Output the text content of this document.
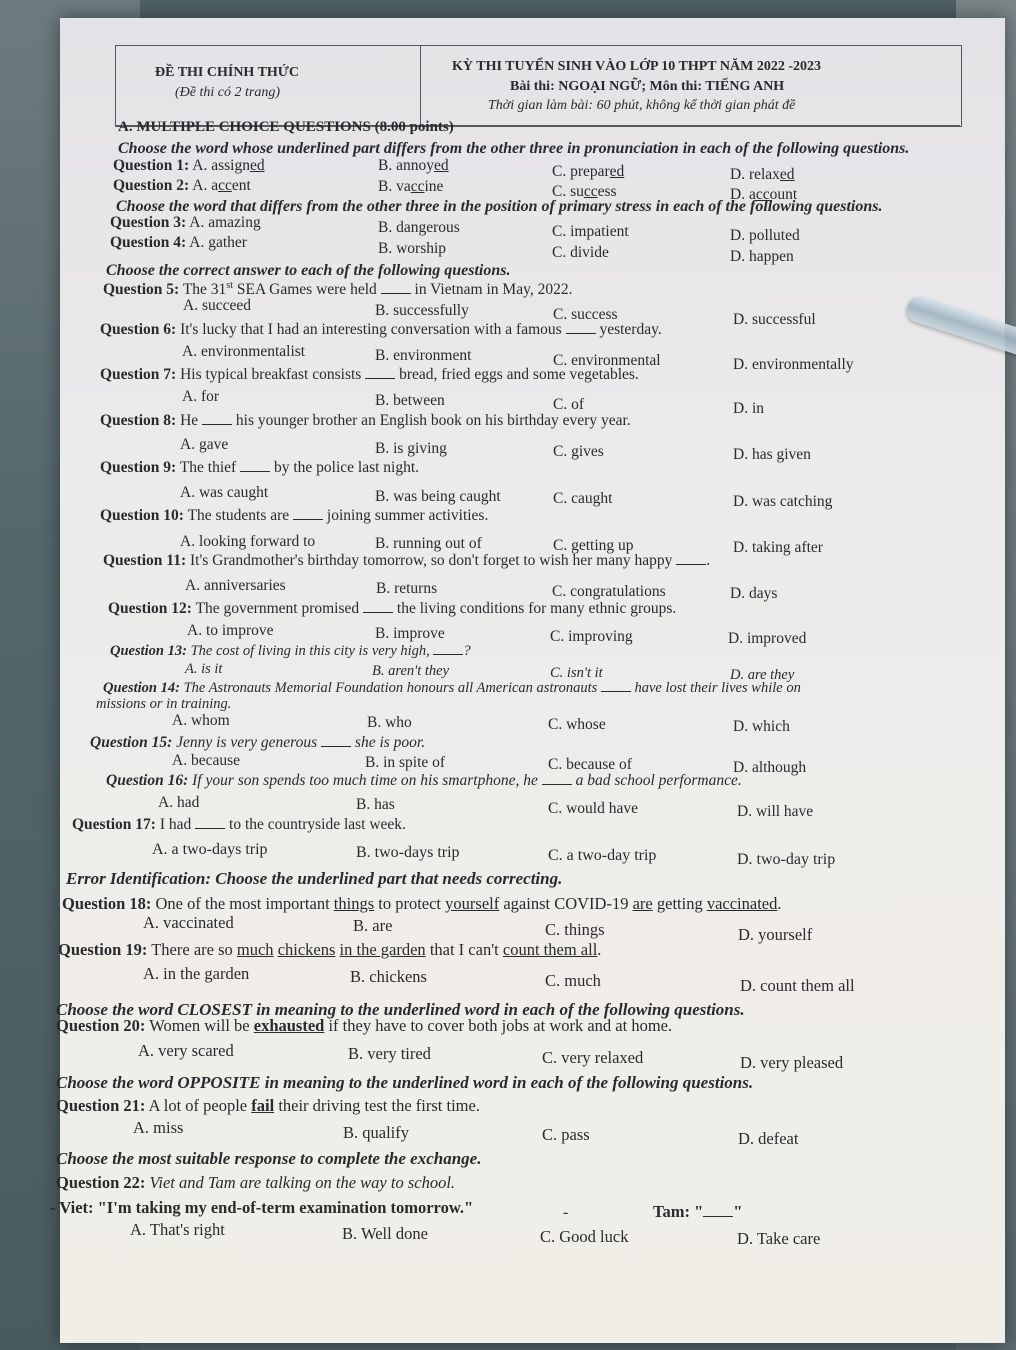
ĐỀ THI CHÍNH THỨC
(Đề thi có 2 trang)
KỲ THI TUYỂN SINH VÀO LỚP 10 THPT NĂM 2022 -2023
Bài thi: NGOẠI NGỮ; Môn thi: TIẾNG ANH
Thời gian làm bài: 60 phút, không kể thời gian phát đề
A. MULTIPLE CHOICE QUESTIONS (8.00 points)
Choose the word whose underlined part differs from the other three in pronunciation in each of the following questions.
Question 1: A. assigned	B. annoyed	C. prepared	D. relaxed
Question 2: A. accent	B. vaccine	C. success	D. account
Choose the word that differs from the other three in the position of primary stress in each of the following questions.
Question 3: A. amazing	B. dangerous	C. impatient	D. polluted
Question 4: A. gather	B. worship	C. divide	D. happen
Choose the correct answer to each of the following questions.
Question 5: The 31st SEA Games were held  in Vietnam in May, 2022.
A. succeed	B. successfully	C. success	D. successful
Question 6: It's lucky that I had an interesting conversation with a famous  yesterday.
A. environmentalist	B. environment	C. environmental	D. environmentally
Question 7: His typical breakfast consists  bread, fried eggs and some vegetables.
A. for	B. between	C. of	D. in
Question 8: He  his younger brother an English book on his birthday every year.
A. gave	B. is giving	C. gives	D. has given
Question 9: The thief  by the police last night.
A. was caught	B. was being caught	C. caught	D. was catching
Question 10: The students are  joining summer activities.
A. looking forward to	B. running out of	C. getting up	D. taking after
Question 11: It's Grandmother's birthday tomorrow, so don't forget to wish her many happy .
A. anniversaries	B. returns	C. congratulations	D. days
Question 12: The government promised  the living conditions for many ethnic groups.
A. to improve	B. improve	C. improving	D. improved
Question 13: The cost of living in this city is very high, ?
A. is it	B. aren't they	C. isn't it	D. are they
Question 14: The Astronauts Memorial Foundation honours all American astronauts  have lost their lives while on
missions or in training.
A. whom	B. who	C. whose	D. which
Question 15: Jenny is very generous  she is poor.
A. because	B. in spite of	C. because of	D. although
Question 16: If your son spends too much time on his smartphone, he  a bad school performance.
A. had	B. has	C. would have	D. will have
Question 17: I had  to the countryside last week.
A. a two-days trip	B. two-days trip	C. a two-day trip	D. two-day trip
Error Identification: Choose the underlined part that needs correcting.
Question 18: One of the most important things to protect yourself against COVID-19 are getting vaccinated.
A. vaccinated	B. are	C. things	D. yourself
Question 19: There are so much chickens in the garden that I can't count them all.
A. in the garden	B. chickens	C. much	D. count them all
Choose the word CLOSEST in meaning to the underlined word in each of the following questions.
Question 20: Women will be exhausted if they have to cover both jobs at work and at home.
A. very scared	B. very tired	C. very relaxed	D. very pleased
Choose the word OPPOSITE in meaning to the underlined word in each of the following questions.
Question 21: A lot of people fail their driving test the first time.
A. miss	B. qualify	C. pass	D. defeat
Choose the most suitable response to complete the exchange.
Question 22: Viet and Tam are talking on the way to school.
- Viet: "I'm taking my end-of-term examination tomorrow."	-	Tam: " "
A. That's right	B. Well done	C. Good luck	D. Take care
